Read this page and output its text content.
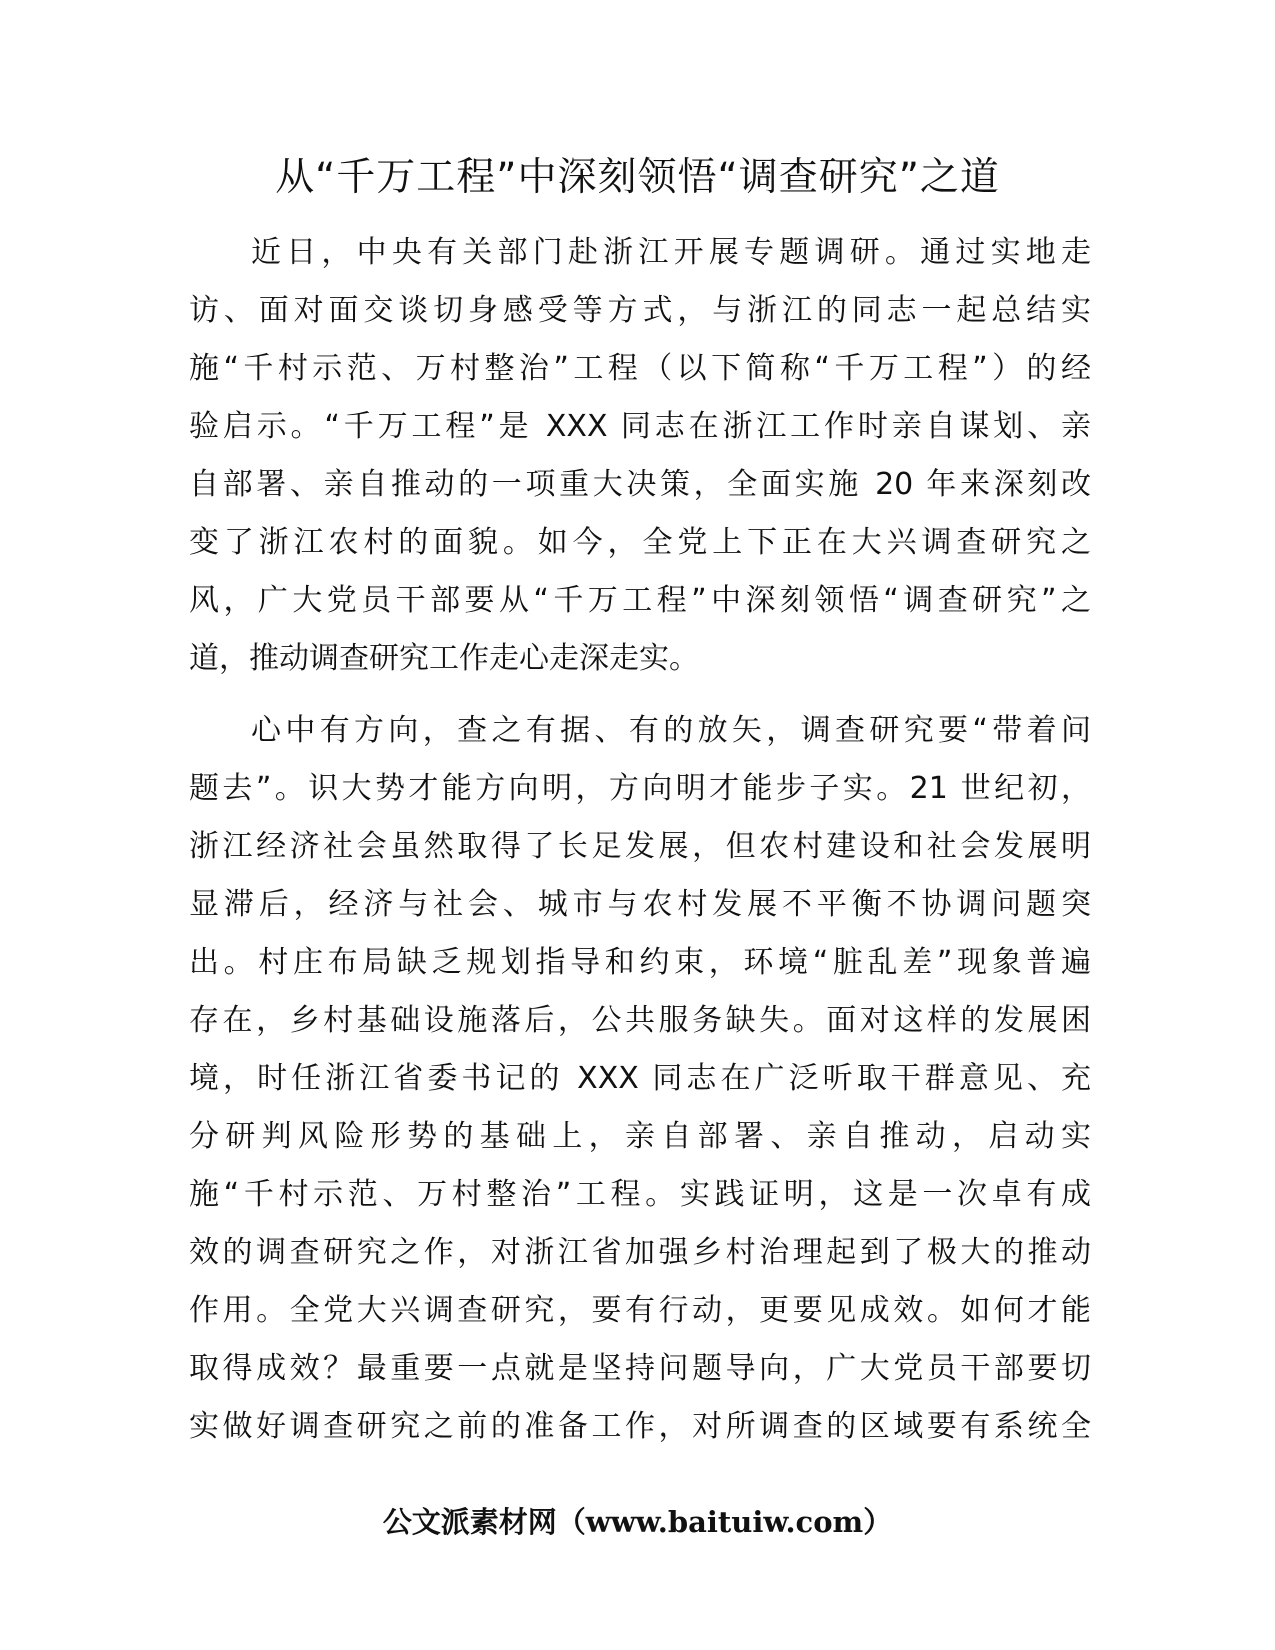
从“千万工程”中深刻领悟“调查研究”之道
近日，中央有关部门赴浙江开展专题调研。通过实地走
访、面对面交谈切身感受等方式，与浙江的同志一起总结实
施“千村示范、万村整治”工程（以下简称“千万工程”）的经
验启示。“千万工程”是 XXX 同志在浙江工作时亲自谋划、亲
自部署、亲自推动的一项重大决策，全面实施 20 年来深刻改
变了浙江农村的面貌。如今，全党上下正在大兴调查研究之
风，广大党员干部要从“千万工程”中深刻领悟“调查研究”之
道，推动调查研究工作走心走深走实。
心中有方向，查之有据、有的放矢，调查研究要“带着问
题去”。识大势才能方向明，方向明才能步子实。21 世纪初，
浙江经济社会虽然取得了长足发展，但农村建设和社会发展明
显滞后，经济与社会、城市与农村发展不平衡不协调问题突
出。村庄布局缺乏规划指导和约束，环境“脏乱差”现象普遍
存在，乡村基础设施落后，公共服务缺失。面对这样的发展困
境，时任浙江省委书记的 XXX 同志在广泛听取干群意见、充
分研判风险形势的基础上，亲自部署、亲自推动，启动实
施“千村示范、万村整治”工程。实践证明，这是一次卓有成
效的调查研究之作，对浙江省加强乡村治理起到了极大的推动
作用。全党大兴调查研究，要有行动，更要见成效。如何才能
取得成效？最重要一点就是坚持问题导向，广大党员干部要切
实做好调查研究之前的准备工作，对所调查的区域要有系统全
公文派素材网（www.baituiw.com）
